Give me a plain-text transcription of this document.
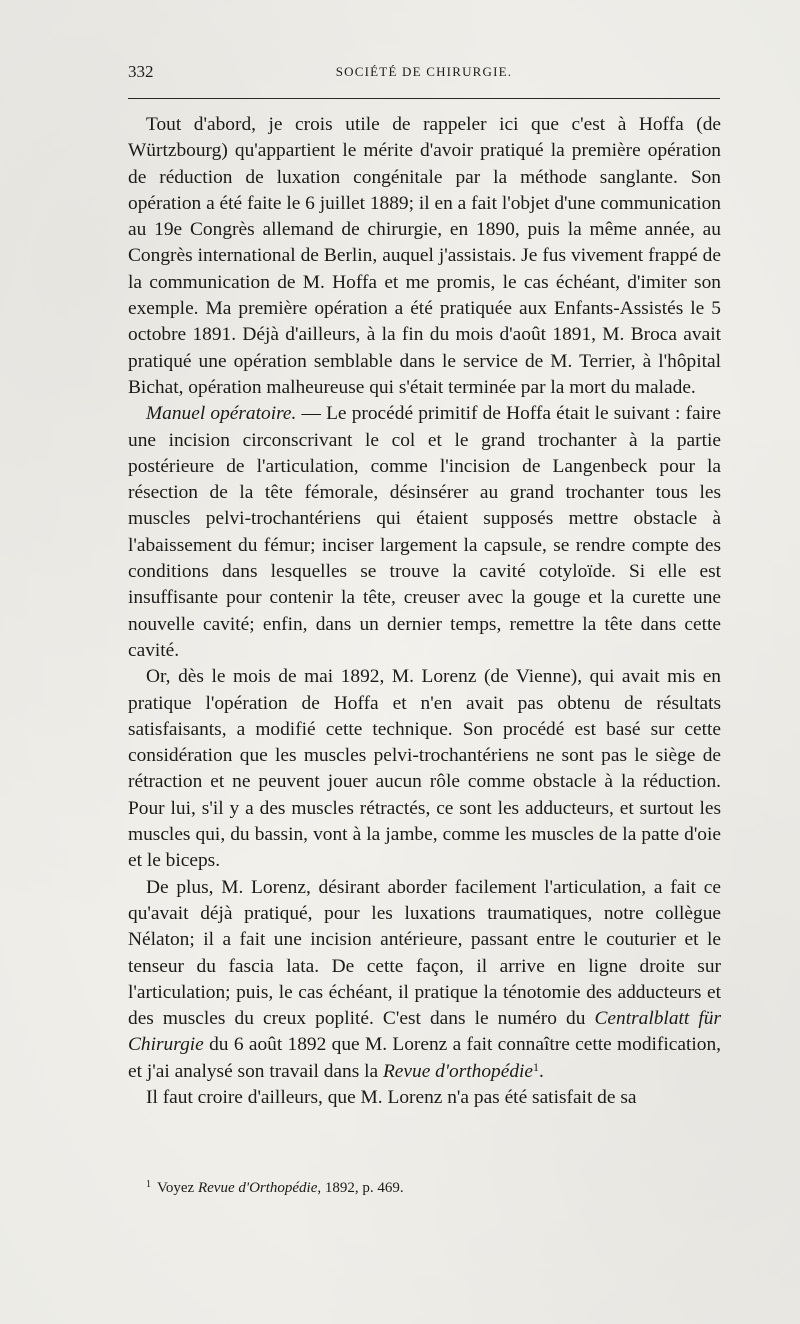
332	SOCIÉTÉ DE CHIRURGIE.

Tout d'abord, je crois utile de rappeler ici que c'est à Hoffa (de Würtzbourg) qu'appartient le mérite d'avoir pratiqué la première opération de réduction de luxation congénitale par la méthode sanglante. Son opération a été faite le 6 juillet 1889; il en a fait l'objet d'une communication au 19e Congrès allemand de chirurgie, en 1890, puis la même année, au Congrès international de Berlin, auquel j'assistais. Je fus vivement frappé de la communication de M. Hoffa et me promis, le cas échéant, d'imiter son exemple. Ma première opération a été pratiquée aux Enfants-Assistés le 5 octobre 1891. Déjà d'ailleurs, à la fin du mois d'août 1891, M. Broca avait pratiqué une opération semblable dans le service de M. Terrier, à l'hôpital Bichat, opération malheureuse qui s'était terminée par la mort du malade.

Manuel opératoire. — Le procédé primitif de Hoffa était le suivant : faire une incision circonscrivant le col et le grand trochanter à la partie postérieure de l'articulation, comme l'incision de Langenbeck pour la résection de la tête fémorale, désinsérer au grand trochanter tous les muscles pelvi-trochantériens qui étaient supposés mettre obstacle à l'abaissement du fémur; inciser largement la capsule, se rendre compte des conditions dans lesquelles se trouve la cavité cotyloïde. Si elle est insuffisante pour contenir la tête, creuser avec la gouge et la curette une nouvelle cavité; enfin, dans un dernier temps, remettre la tête dans cette cavité.

Or, dès le mois de mai 1892, M. Lorenz (de Vienne), qui avait mis en pratique l'opération de Hoffa et n'en avait pas obtenu de résultats satisfaisants, a modifié cette technique. Son procédé est basé sur cette considération que les muscles pelvi-trochantériens ne sont pas le siège de rétraction et ne peuvent jouer aucun rôle comme obstacle à la réduction. Pour lui, s'il y a des muscles rétractés, ce sont les adducteurs, et surtout les muscles qui, du bassin, vont à la jambe, comme les muscles de la patte d'oie et le biceps.

De plus, M. Lorenz, désirant aborder facilement l'articulation, a fait ce qu'avait déjà pratiqué, pour les luxations traumatiques, notre collègue Nélaton; il a fait une incision antérieure, passant entre le couturier et le tenseur du fascia lata. De cette façon, il arrive en ligne droite sur l'articulation; puis, le cas échéant, il pratique la ténotomie des adducteurs et des muscles du creux poplité. C'est dans le numéro du Centralblatt für Chirurgie du 6 août 1892 que M. Lorenz a fait connaître cette modification, et j'ai analysé son travail dans la Revue d'orthopédie$^1$.

Il faut croire d'ailleurs, que M. Lorenz n'a pas été satisfait de sa

$^1$ Voyez Revue d'Orthopédie, 1892, p. 469.
